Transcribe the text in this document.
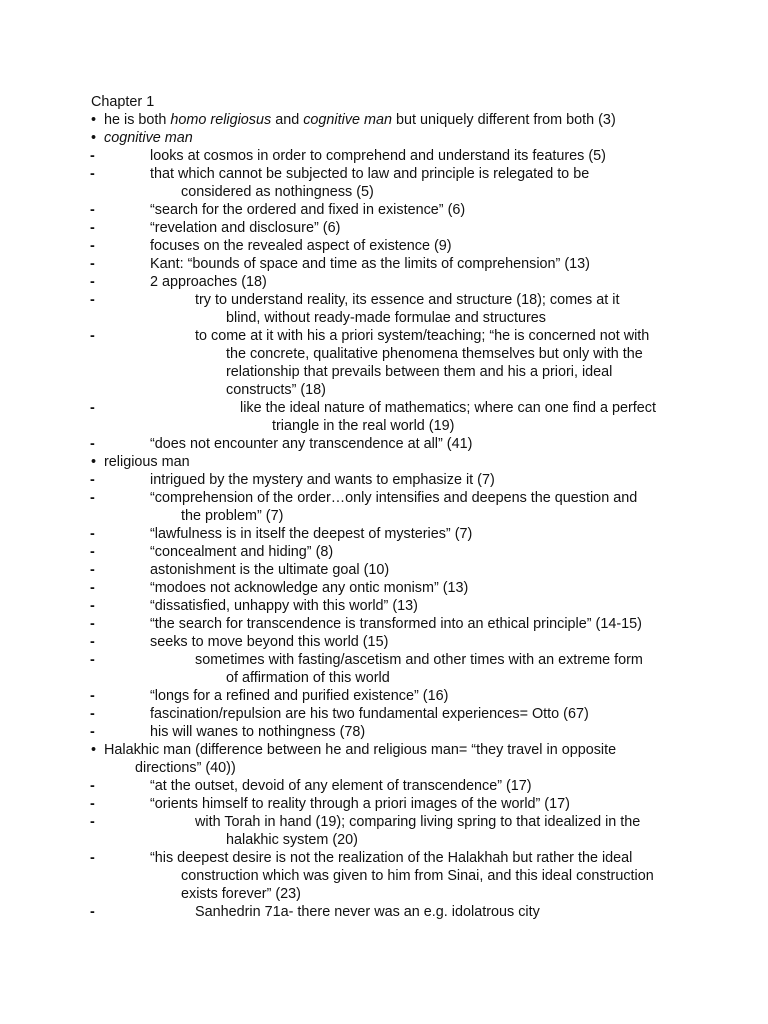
Chapter 1
• he is both homo religiosus and cognitive man but uniquely different from both (3)
• cognitive man
-	looks at cosmos in order to comprehend and understand its features (5)
-	that which cannot be subjected to law and principle is relegated to be
considered as nothingness (5)
-	“search for the ordered and fixed in existence” (6)
-	“revelation and disclosure” (6)
-	focuses on the revealed aspect of existence (9)
-	Kant: “bounds of space and time as the limits of comprehension” (13)
-	2 approaches (18)
-	try to understand reality, its essence and structure (18); comes at it
blind, without ready-made formulae and structures
-	to come at it with his a priori system/teaching; “he is concerned not with
the concrete, qualitative phenomena themselves but only with the
relationship that prevails between them and his a priori, ideal
constructs” (18)
-	like the ideal nature of mathematics; where can one find a perfect
triangle in the real world (19)
-	“does not encounter any transcendence at all” (41)
• religious man
-	intrigued by the mystery and wants to emphasize it (7)
-	“comprehension of the order…only intensifies and deepens the question and
the problem” (7)
-	“lawfulness is in itself the deepest of mysteries” (7)
-	“concealment and hiding” (8)
-	astonishment is the ultimate goal (10)
-	“modoes not acknowledge any ontic monism” (13)
-	“dissatisfied, unhappy with this world” (13)
-	“the search for transcendence is transformed into an ethical principle” (14-15)
-	seeks to move beyond this world (15)
-	sometimes with fasting/ascetism and other times with an extreme form
of affirmation of this world
-	“longs for a refined and purified existence” (16)
-	fascination/repulsion are his two fundamental experiences= Otto (67)
-	his will wanes to nothingness (78)
• Halakhic man (difference between he and religious man= “they travel in opposite
directions” (40))
-	“at the outset, devoid of any element of transcendence” (17)
-	“orients himself to reality through a priori images of the world” (17)
-	with Torah in hand (19); comparing living spring to that idealized in the
halakhic system (20)
-	“his deepest desire is not the realization of the Halakhah but rather the ideal
construction which was given to him from Sinai, and this ideal construction
exists forever” (23)
-	Sanhedrin 71a- there never was an e.g. idolatrous city
